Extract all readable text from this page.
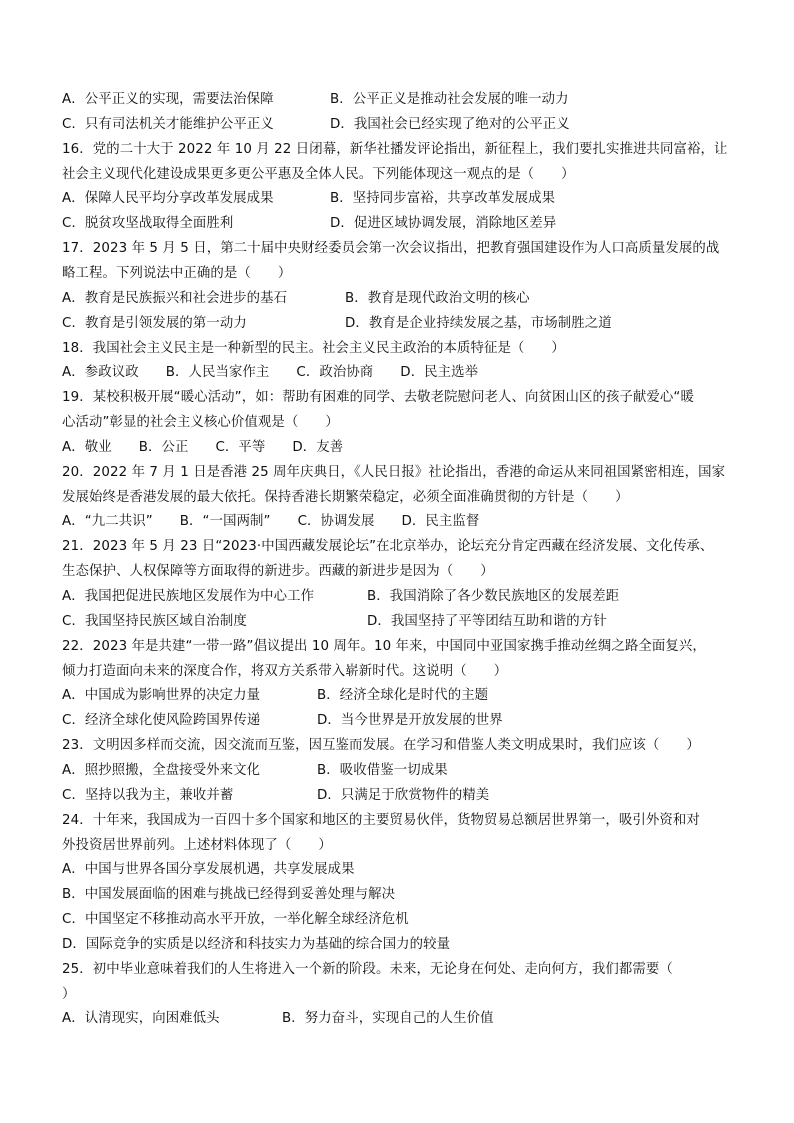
A．公平正义的实现，需要法治保障	B．公平正义是推动社会发展的唯一动力
C．只有司法机关才能维护公平正义	D．我国社会已经实现了绝对的公平正义
16．党的二十大于 2022 年 10 月 22 日闭幕，新华社播发评论指出，新征程上，我们要扎实推进共同富裕，让
社会主义现代化建设成果更多更公平惠及全体人民。下列能体现这一观点的是（　　）
A．保障人民平均分享改革发展成果	B．坚持同步富裕，共享改革发展成果
C．脱贫攻坚战取得全面胜利	D．促进区域协调发展，消除地区差异
17．2023 年 5 月 5 日，第二十届中央财经委员会第一次会议指出，把教育强国建设作为人口高质量发展的战
略工程。下列说法中正确的是（　　）
A．教育是民族振兴和社会进步的基石	B．教育是现代政治文明的核心
C．教育是引领发展的第一动力	D．教育是企业持续发展之基，市场制胜之道
18．我国社会主义民主是一种新型的民主。社会主义民主政治的本质特征是（　　）
A．参政议政　　B．人民当家作主　　C．政治协商　　D．民主选举
19．某校积极开展“暖心活动”，如：帮助有困难的同学、去敬老院慰问老人、向贫困山区的孩子献爱心“暖
心活动”彰显的社会主义核心价值观是（　　）
A．敬业　　B．公正　　C．平等　　D．友善
20．2022 年 7 月 1 日是香港 25 周年庆典日，《人民日报》社论指出，香港的命运从来同祖国紧密相连，国家
发展始终是香港发展的最大依托。保持香港长期繁荣稳定，必须全面准确贯彻的方针是（　　）
A．“九二共识”　　B．“一国两制”　　C．协调发展　　D．民主监督
21．2023 年 5 月 23 日“2023·中国西藏发展论坛”在北京举办，论坛充分肯定西藏在经济发展、文化传承、
生态保护、人权保障等方面取得的新进步。西藏的新进步是因为（　　）
A．我国把促进民族地区发展作为中心工作	B．我国消除了各少数民族地区的发展差距
C．我国坚持民族区域自治制度	D．我国坚持了平等团结互助和谐的方针
22．2023 年是共建“一带一路”倡议提出 10 周年。10 年来，中国同中亚国家携手推动丝绸之路全面复兴，
倾力打造面向未来的深度合作，将双方关系带入崭新时代。这说明（　　）
A．中国成为影响世界的决定力量	B．经济全球化是时代的主题
C．经济全球化使风险跨国界传递	D．当今世界是开放发展的世界
23．文明因多样而交流，因交流而互鉴，因互鉴而发展。在学习和借鉴人类文明成果时，我们应该（　　）
A．照抄照搬，全盘接受外来文化	B．吸收借鉴一切成果
C．坚持以我为主，兼收并蓄	D．只满足于欣赏物件的精美
24．十年来，我国成为一百四十多个国家和地区的主要贸易伙伴，货物贸易总额居世界第一，吸引外资和对
外投资居世界前列。上述材料体现了（　　）
A．中国与世界各国分享发展机遇，共享发展成果
B．中国发展面临的困难与挑战已经得到妥善处理与解决
C．中国坚定不移推动高水平开放，一举化解全球经济危机
D．国际竞争的实质是以经济和科技实力为基础的综合国力的较量
25．初中毕业意味着我们的人生将进入一个新的阶段。未来，无论身在何处、走向何方，我们都需要（
）
A．认清现实，向困难低头	B．努力奋斗，实现自己的人生价值
